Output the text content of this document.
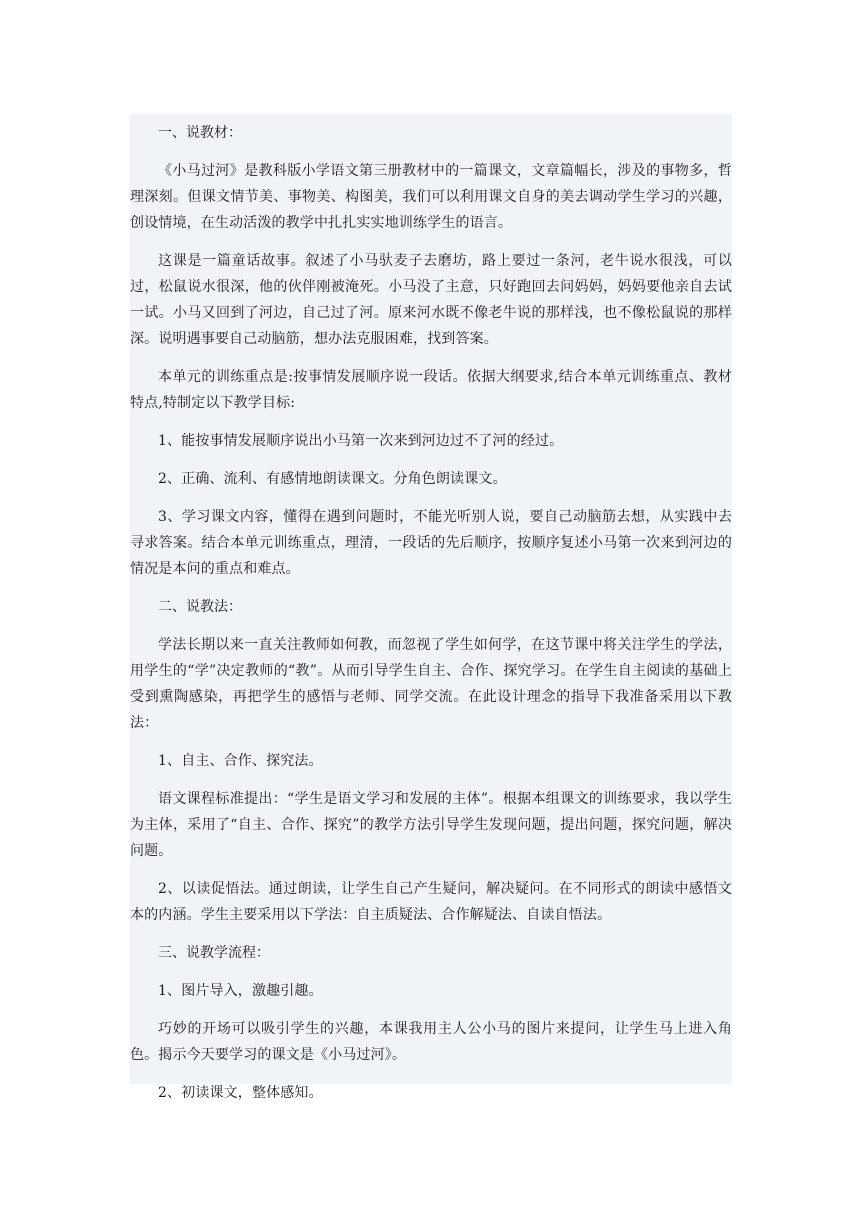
一、说教材：

《小马过河》是教科版小学语文第三册教材中的一篇课文，文章篇幅长，涉及的事物多，哲理深刻。但课文情节美、事物美、构图美，我们可以利用课文自身的美去调动学生学习的兴趣，创设情境，在生动活泼的教学中扎扎实实地训练学生的语言。

这课是一篇童话故事。叙述了小马驮麦子去磨坊，路上要过一条河，老牛说水很浅，可以过，松鼠说水很深，他的伙伴刚被淹死。小马没了主意，只好跑回去问妈妈，妈妈要他亲自去试一试。小马又回到了河边，自己过了河。原来河水既不像老牛说的那样浅，也不像松鼠说的那样深。说明遇事要自己动脑筋，想办法克服困难，找到答案。

本单元的训练重点是:按事情发展顺序说一段话。依据大纲要求,结合本单元训练重点、教材特点,特制定以下教学目标:

1、能按事情发展顺序说出小马第一次来到河边过不了河的经过。

2、正确、流利、有感情地朗读课文。分角色朗读课文。

3、学习课文内容，懂得在遇到问题时，不能光听别人说，要自己动脑筋去想，从实践中去寻求答案。结合本单元训练重点，理清，一段话的先后顺序，按顺序复述小马第一次来到河边的情况是本问的重点和难点。

二、说教法：

学法长期以来一直关注教师如何教，而忽视了学生如何学，在这节课中将关注学生的学法，用学生的“学”决定教师的“教”。从而引导学生自主、合作、探究学习。在学生自主阅读的基础上受到熏陶感染，再把学生的感悟与老师、同学交流。在此设计理念的指导下我准备采用以下教法：

1、自主、合作、探究法。

语文课程标准提出：“学生是语文学习和发展的主体”。根据本组课文的训练要求，我以学生为主体，采用了“自主、合作、探究”的教学方法引导学生发现问题，提出问题，探究问题，解决问题。

2、以读促悟法。通过朗读，让学生自己产生疑问，解决疑问。在不同形式的朗读中感悟文本的内涵。学生主要采用以下学法：自主质疑法、合作解疑法、自读自悟法。

三、说教学流程：

1、图片导入，激趣引趣。

巧妙的开场可以吸引学生的兴趣，本课我用主人公小马的图片来提问，让学生马上进入角色。揭示今天要学习的课文是《小马过河》。

2、初读课文，整体感知。
